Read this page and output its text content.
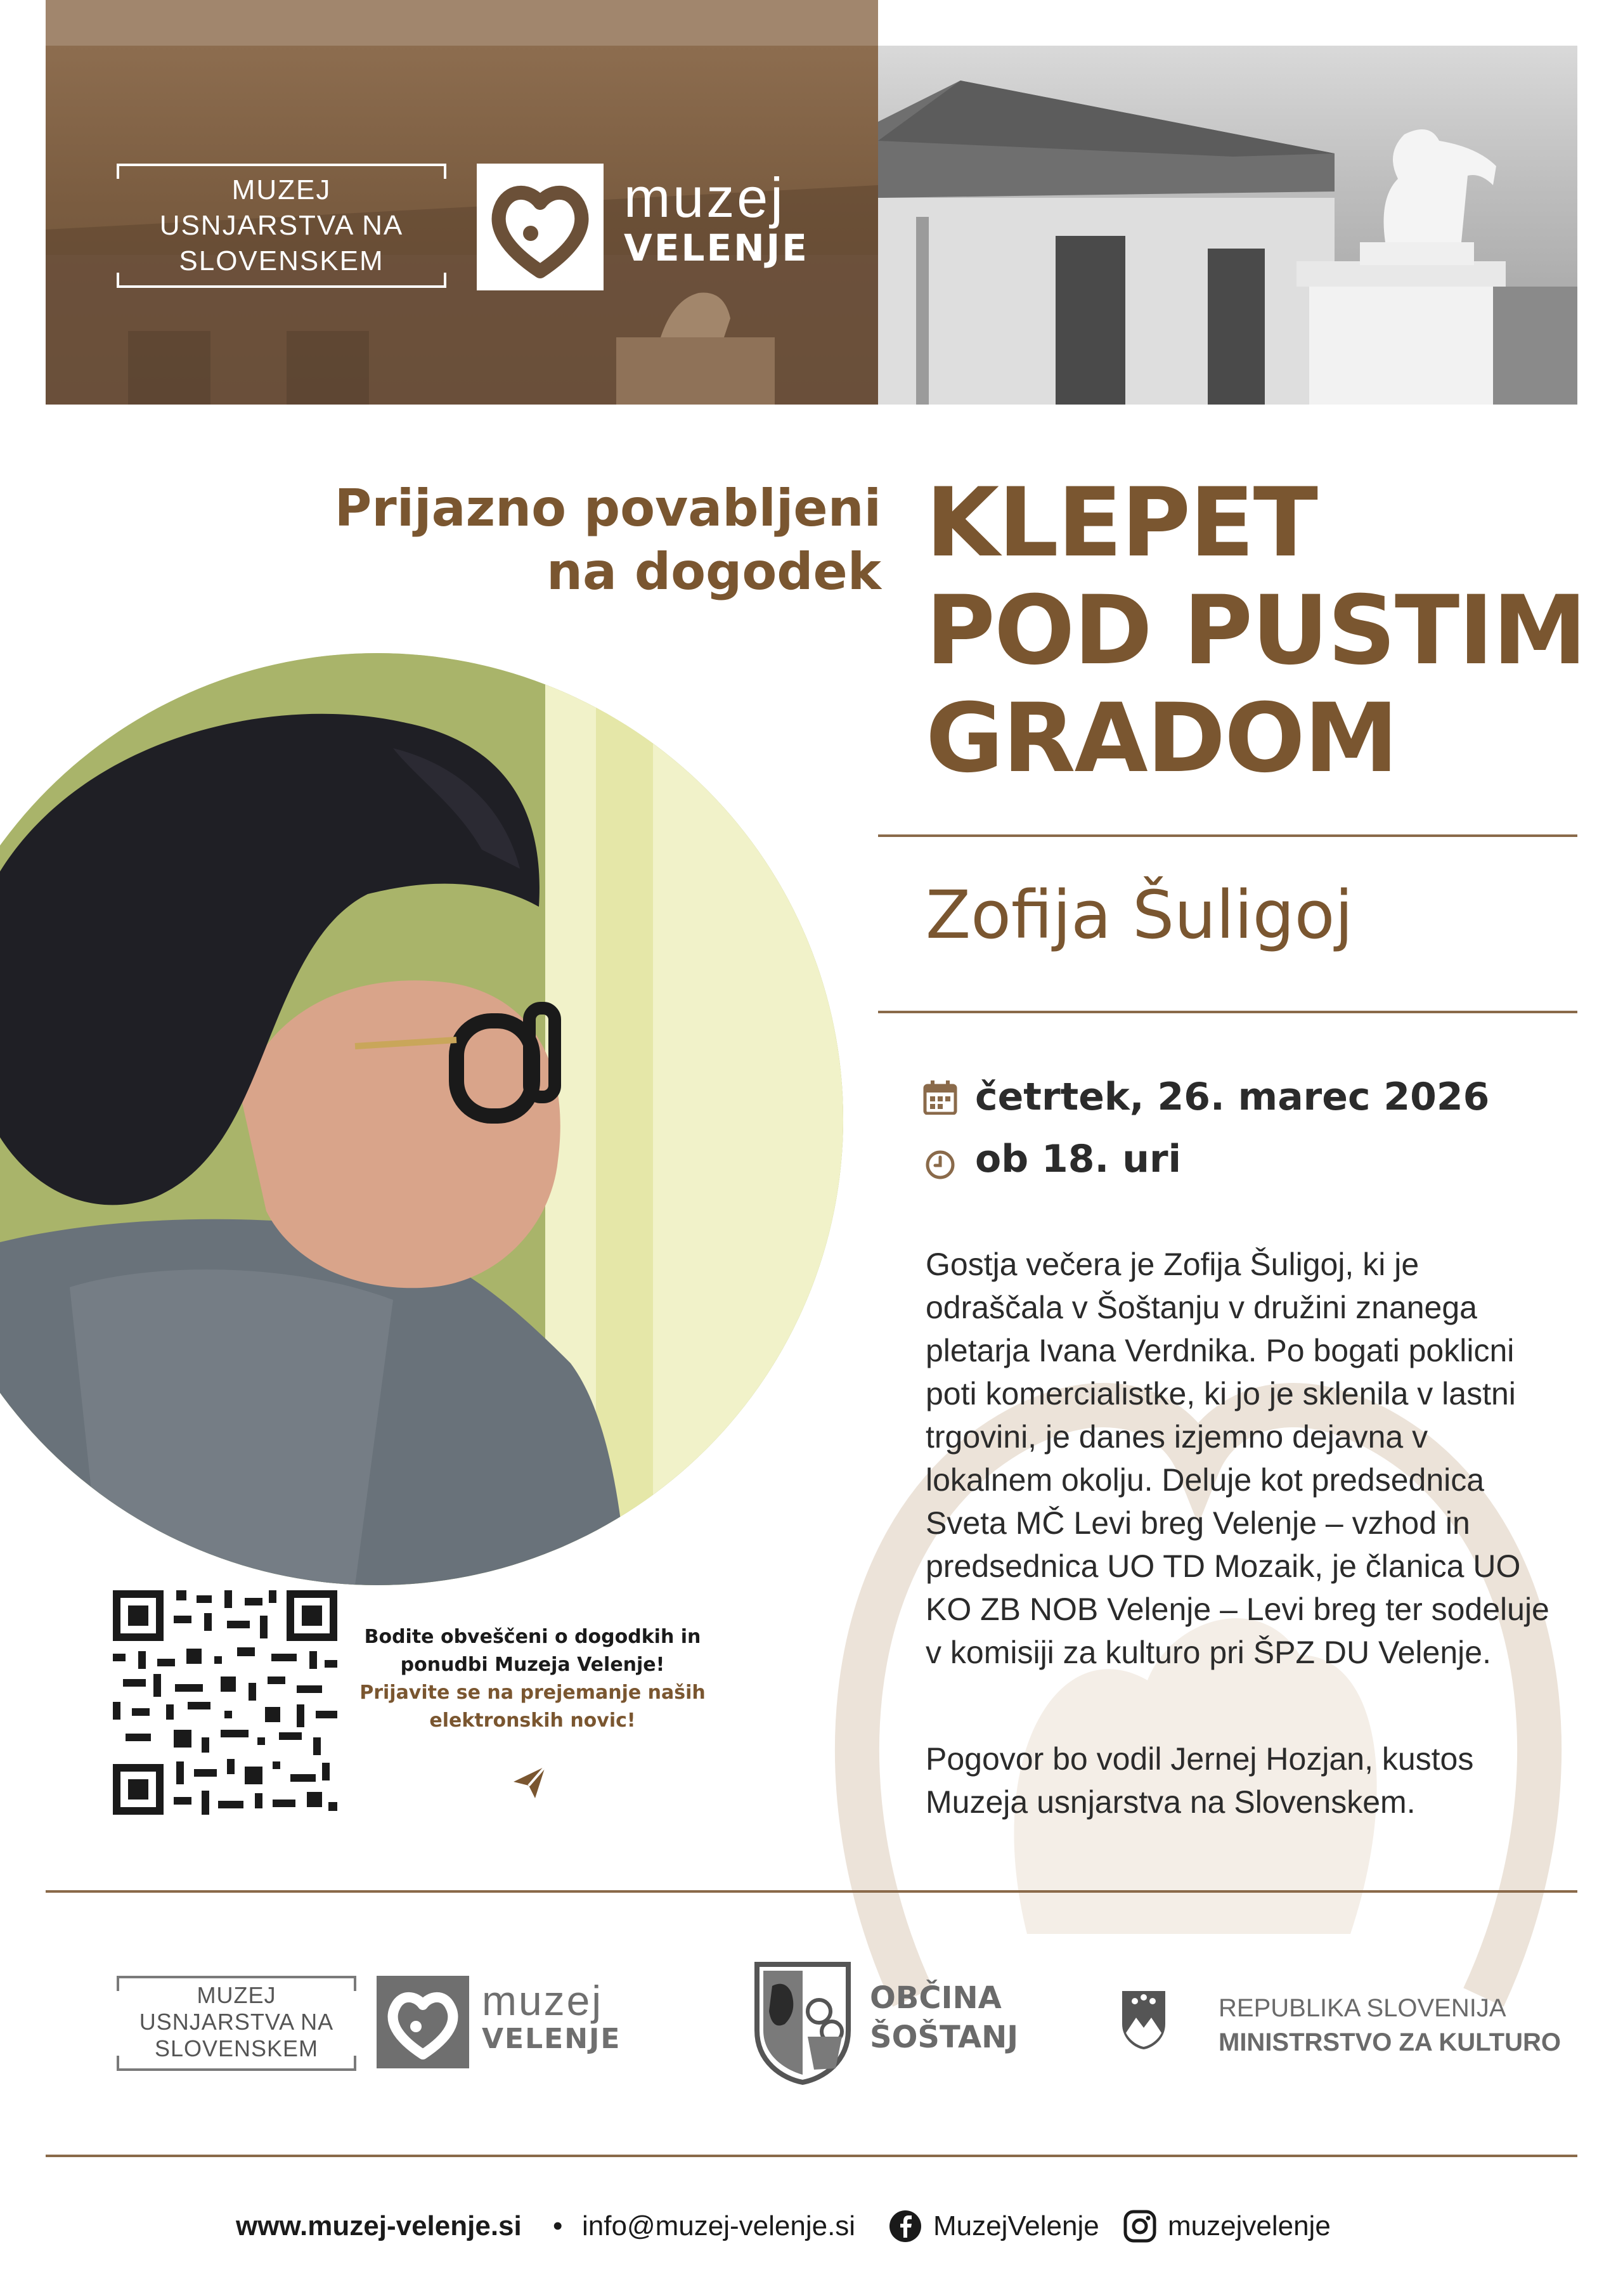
MUZEJ
USNJARSTVA NA
SLOVENSKEM
muzej
VELENJE
Prijazno povabljeni
na dogodek KLEPET
POD PUSTIM
GRADOM
Zofija Šuligoj
četrtek, 26. marec 2026
ob 18. uri
Gostja večera je Zofija Šuligoj, ki je odraščala v Šoštanju v družini znanega pletarja Ivana Verdnika. Po bogati poklicni poti komercialistke, ki jo je sklenila v lastni trgovini, je danes izjemno dejavna v lokalnem okolju. Deluje kot predsednica Sveta MČ Levi breg Velenje – vzhod in predsednica UO TD Mozaik, je članica UO KO ZB NOB Velenje – Levi breg ter sodeluje v komisiji za kulturo pri ŠPZ DU Velenje.
Pogovor bo vodil Jernej Hozjan, kustos Muzeja usnjarstva na Slovenskem.
Bodite obveščeni o dogodkih in
ponudbi Muzeja Velenje!
Prijavite se na prejemanje naših
elektronskih novic!
MUZEJ
USNJARSTVA NA
SLOVENSKEM
muzej
VELENJE
OBČINA
ŠOŠTANJ
REPUBLIKA SLOVENIJA
MINISTRSTVO ZA KULTURO
www.muzej-velenje.si • info@muzej-velenje.si	MuzejVelenje muzejvelenje
